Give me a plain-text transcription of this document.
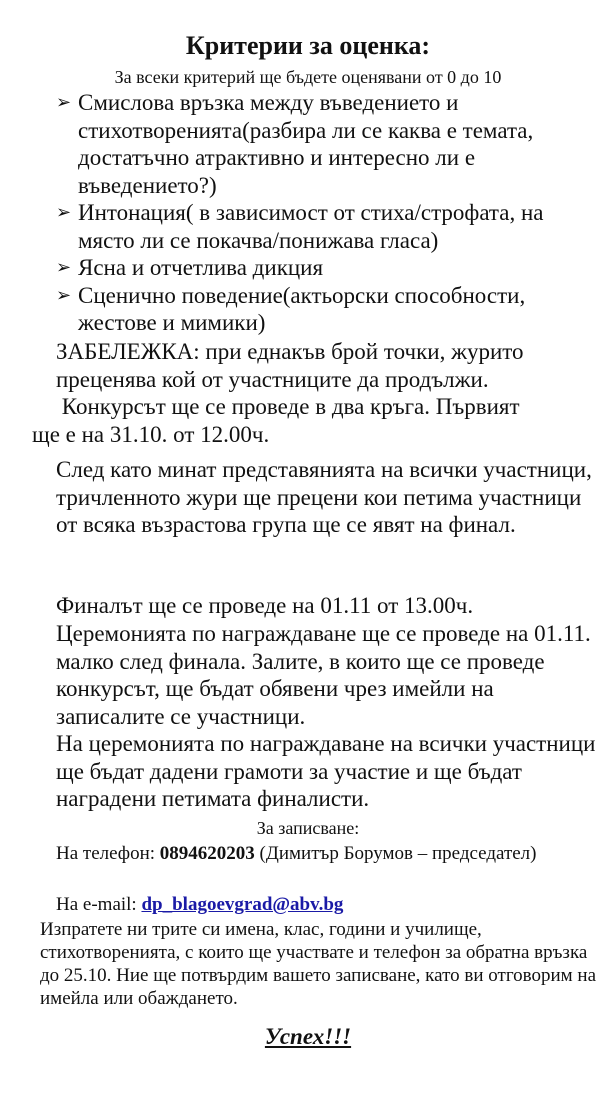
Критерии за оценка:
За всеки критерий ще бъдете оценявани от 0 до 10
➢ Смислова връзка между въведението и стихотворенията(разбира ли се каква е темата, достатъчно атрактивно и интересно ли е въведението?)
➢ Интонация( в зависимост от стиха/строфата, на място ли се покачва/понижава гласа)
➢ Ясна и отчетлива дикция
➢ Сценично поведение(актьорски способности, жестове и мимики)
ЗАБЕЛЕЖКА: при еднакъв брой точки, журито преценява кой от участниците да продължи.
Конкурсът ще се проведе в два кръга. Първият
ще е на 31.10. от 12.00ч.
След като минат представянията на всички участници, тричленното жури ще прецени кои петима участници от всяка възрастова група ще се явят на финал.
Финалът ще се проведе на 01.11 от 13.00ч.
Церемонията по награждаване ще се проведе на 01.11. малко след финала. Залите, в които ще се проведе конкурсът, ще бъдат обявени чрез имейли на записалите се участници.
На церемонията по награждаване на всички участници ще бъдат дадени грамоти за участие и ще бъдат наградени петимата финалисти.
За записване:
На телефон: 0894620203 (Димитър Борумов – председател)
На e-mail: dp_blagoevgrad@abv.bg
Изпратете ни трите си имена, клас, години и училище, стихотворенията, с които ще участвате и телефон за обратна връзка до 25.10. Ние ще потвърдим вашето записване, като ви отговорим на имейла или обаждането.
Успех!!!
